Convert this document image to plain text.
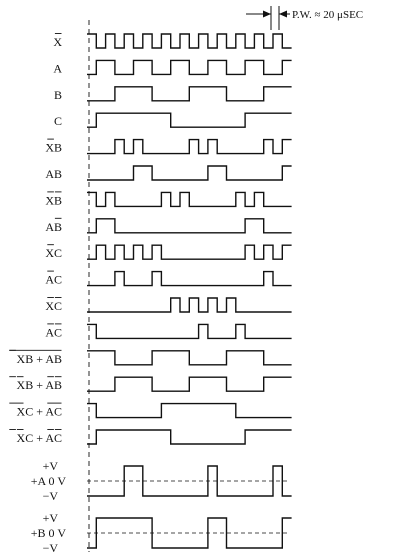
X
A
B
C
XB
AB
XB
AB
XC
AC
XC
AC
XB + AB
XB + AB
XC + AC
XC + AC
+V
+A 0 V
−V
+V
+B 0 V
−V
P.W. ≈ 20 μSEC
